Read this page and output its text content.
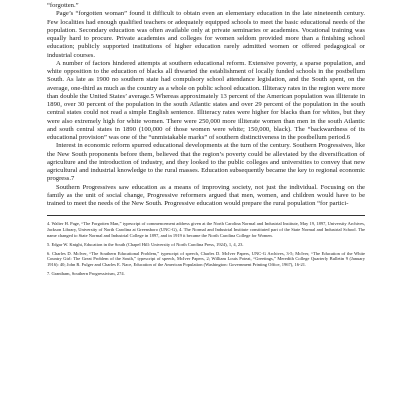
“forgotten.”

Page’s “forgotten woman” found it difficult to obtain even an elementary education in the late nineteenth century. Few localities had enough qualified teachers or adequately equipped schools to meet the basic educational needs of the population. Secondary education was often available only at private seminaries or academies. Vocational training was equally hard to procure. Private academies and colleges for women seldom provided more than a finishing school education; publicly supported institutions of higher education rarely admitted women or offered pedagogical or industrial courses.

A number of factors hindered attempts at southern educational reform. Extensive poverty, a sparse population, and white opposition to the education of blacks all thwarted the establishment of locally funded schools in the postbellum South. As late as 1900 no southern state had compulsory school attendance legislation, and the South spent, on the average, one-third as much as the country as a whole on public school education. Illiteracy rates in the region were more than double the United States’ average.5 Whereas approximately 13 percent of the American population was illiterate in 1890, over 30 percent of the population in the south Atlantic states and over 29 percent of the population in the south central states could not read a simple English sentence. Illiteracy rates were higher for blacks than for whites, but they were also extremely high for white women. There were 250,000 more illiterate women than men in the south Atlantic and south central states in 1890 (100,000 of those women were white; 150,000, black). The “backwardness of its educational provision” was one of the “unmistakable marks” of southern distinctiveness in the postbellum period.6

Interest in economic reform spurred educational developments at the turn of the century. Southern Progressives, like the New South proponents before them, believed that the region’s poverty could be alleviated by the diversification of agriculture and the introduction of industry, and they looked to the public colleges and universities to convey that new agricultural and industrial knowledge to the rural masses. Education subsequently became the key to regional economic progress.7

Southern Progressives saw education as a means of improving society, not just the individual. Focusing on the family as the unit of social change, Progressive reformers argued that men, women, and children would have to be trained to meet the needs of the New South. Progressive education would prepare the rural population “for partici-

4. Walter H. Page, “The Forgotten Man,” typescript of commencement address given at the North Carolina Normal and Industrial Institute, May 19, 1897, University Archives, Jackson Library, University of North Carolina at Greensboro (UNC-G), 4. The Normal and Industrial Institute constituted part of the State Normal and Industrial School. The name changed to State Normal and Industrial College in 1897, and in 1919 it became the North Carolina College for Women.

5. Edgar W. Knight, Education in the South (Chapel Hill: University of North Carolina Press, 1924), 1, 4, 23.

6. Charles D. McIver, “The Southern Educational Problem,” typescript of speech, Charles D. McIver Papers, UNC-G Archives, 3-5; McIver, “The Education of the White Country Girl: The Great Problem of the South,” typescript of speech, McIver Papers, 2; William Louis Poteat, “Greetings,” Meredith College Quarterly Bulletin 9 (January 1916): 40; John R. Fulger and Charles E. Nace, Education of the American Population (Washington: Government Printing Office, 1967), 16-21.

7. Grantham, Southern Progressivism, 274.
